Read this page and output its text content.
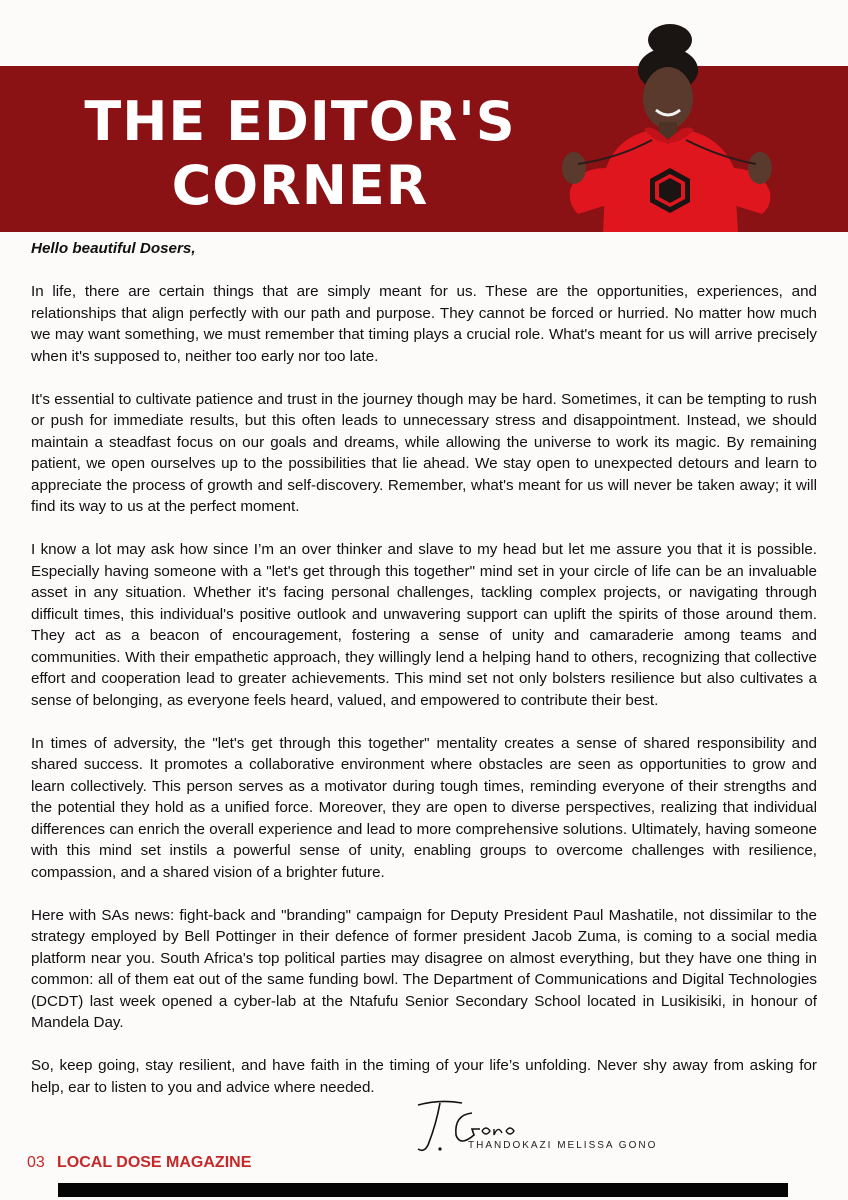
THE EDITOR'S
CORNER

Hello beautiful Dosers,

In life, there are certain things that are simply meant for us. These are the opportunities, experiences, and relationships that align perfectly with our path and purpose. They cannot be forced or hurried. No matter how much we may want something, we must remember that timing plays a crucial role. What's meant for us will arrive precisely when it's supposed to, neither too early nor too late.

It's essential to cultivate patience and trust in the journey though may be hard. Sometimes, it can be tempting to rush or push for immediate results, but this often leads to unnecessary stress and disappointment. Instead, we should maintain a steadfast focus on our goals and dreams, while allowing the universe to work its magic. By remaining patient, we open ourselves up to the possibilities that lie ahead. We stay open to unexpected detours and learn to appreciate the process of growth and self-discovery. Remember, what's meant for us will never be taken away; it will find its way to us at the perfect moment.

I know a lot may ask how since I’m an over thinker and slave to my head but let me assure you that it is possible. Especially having someone with a "let's get through this together" mind set in your circle of life can be an invaluable asset in any situation. Whether it's facing personal challenges, tackling complex projects, or navigating through difficult times, this individual's positive outlook and unwavering support can uplift the spirits of those around them. They act as a beacon of encouragement, fostering a sense of unity and camaraderie among teams and communities. With their empathetic approach, they willingly lend a helping hand to others, recognizing that collective effort and cooperation lead to greater achievements. This mind set not only bolsters resilience but also cultivates a sense of belonging, as everyone feels heard, valued, and empowered to contribute their best.

In times of adversity, the "let's get through this together" mentality creates a sense of shared responsibility and shared success. It promotes a collaborative environment where obstacles are seen as opportunities to grow and learn collectively. This person serves as a motivator during tough times, reminding everyone of their strengths and the potential they hold as a unified force. Moreover, they are open to diverse perspectives, realizing that individual differences can enrich the overall experience and lead to more comprehensive solutions. Ultimately, having someone with this mind set instils a powerful sense of unity, enabling groups to overcome challenges with resilience, compassion, and a shared vision of a brighter future.

Here with SAs news: fight-back and "branding" campaign for Deputy President Paul Mashatile, not dissimilar to the strategy employed by Bell Pottinger in their defence of former president Jacob Zuma, is coming to a social media platform near you. South Africa's top political parties may disagree on almost everything, but they have one thing in common: all of them eat out of the same funding bowl. The Department of Communications and Digital Technologies (DCDT) last week opened a cyber-lab at the Ntafufu Senior Secondary School located in Lusikisiki, in honour of Mandela Day.

So, keep going, stay resilient, and have faith in the timing of your life’s unfolding. Never shy away from asking for help, ear to listen to you and advice where needed.

THANDOKAZI MELISSA GONO
03 LOCAL DOSE MAGAZINE
